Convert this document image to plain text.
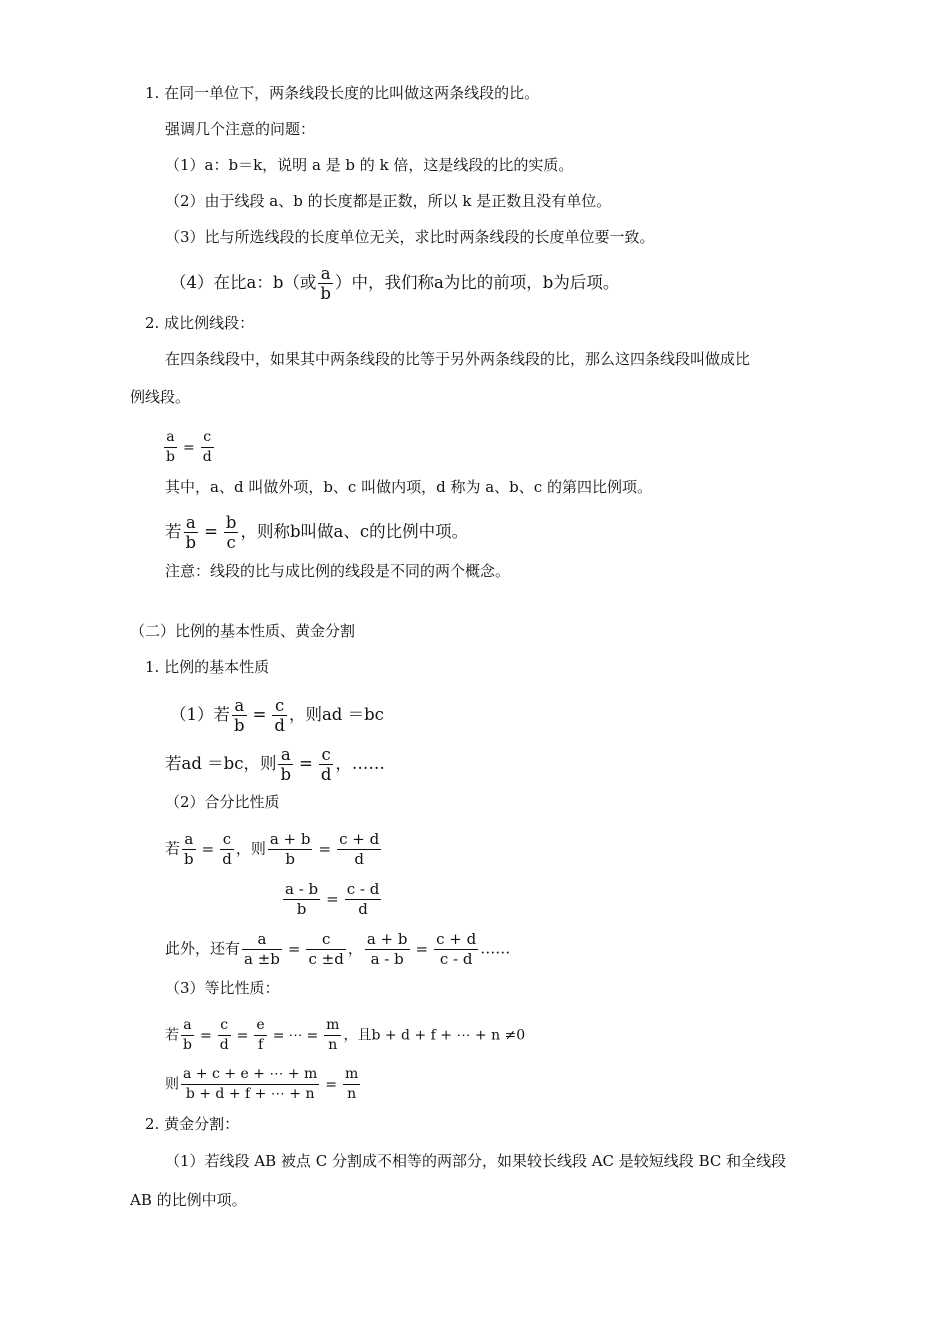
1. 在同一单位下，两条线段长度的比叫做这两条线段的比。
强调几个注意的问题：
（1）a：b＝k，说明 a 是 b 的 k 倍，这是线段的比的实质。
（2）由于线段 a、b 的长度都是正数，所以 k 是正数且没有单位。
（3）比与所选线段的长度单位无关，求比时两条线段的长度单位要一致。
（4）在比a：b（或 $\frac{a}{b}$ ）中，我们称a为比的前项，b为后项。
2. 成比例线段：
在四条线段中，如果其中两条线段的比等于另外两条线段的比，那么这四条线段叫做成比
例线段。
$\frac{a}{b} = \frac{c}{d}$
其中，a、d 叫做外项，b、c 叫做内项，d 称为 a、b、c 的第四比例项。
若 $\frac{a}{b} = \frac{b}{c}$ ，则称b叫做a、c的比例中项。
注意：线段的比与成比例的线段是不同的两个概念。
（二）比例的基本性质、黄金分割
1. 比例的基本性质
（1）若 $\frac{a}{b} = \frac{c}{d}$ ，则ad ＝bc
若ad ＝bc，则 $\frac{a}{b} = \frac{c}{d}$ ，……
（2）合分比性质
若 $\frac{a}{b} = \frac{c}{d}$ ，则 $\frac{a + b}{b} = \frac{c + d}{d}$
$\frac{a - b}{b} = \frac{c - d}{d}$
此外，还有 $\frac{a}{a \pm b} = \frac{c}{c \pm d}$ ， $\frac{a + b}{a - b} = \frac{c + d}{c - d}$ ……
（3）等比性质：
若 $\frac{a}{b} = \frac{c}{d} = \frac{e}{f}$ = ⋯ = $\frac{m}{n}$ ，且b + d + f + ⋯ + n ≠0
则 $\frac{a + c + e + \cdots + m}{b + d + f + \cdots + n} = \frac{m}{n}$
2. 黄金分割：
（1）若线段 AB 被点 C 分割成不相等的两部分，如果较长线段 AC 是较短线段 BC 和全线段
AB 的比例中项。
